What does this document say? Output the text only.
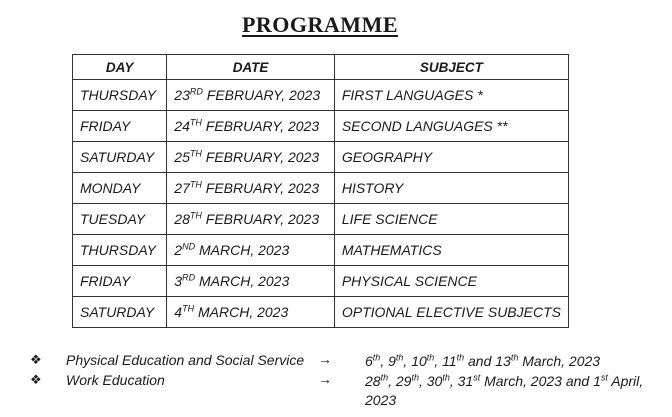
PROGRAMME
DAY	DATE	SUBJECT
THURSDAY	23RD FEBRUARY, 2023	FIRST LANGUAGES *
FRIDAY	24TH FEBRUARY, 2023	SECOND LANGUAGES **
SATURDAY	25TH FEBRUARY, 2023	GEOGRAPHY
MONDAY	27TH FEBRUARY, 2023	HISTORY
TUESDAY	28TH FEBRUARY, 2023	LIFE SCIENCE
THURSDAY	2ND MARCH, 2023	MATHEMATICS
FRIDAY	3RD MARCH, 2023	PHYSICAL SCIENCE
SATURDAY	4TH MARCH, 2023	OPTIONAL ELECTIVE SUBJECTS
❖ Physical Education and Social Service → 6th, 9th, 10th, 11th and 13th March, 2023
❖ Work Education	→ 28th, 29th, 30th, 31st March, 2023 and 1st April, 2023
